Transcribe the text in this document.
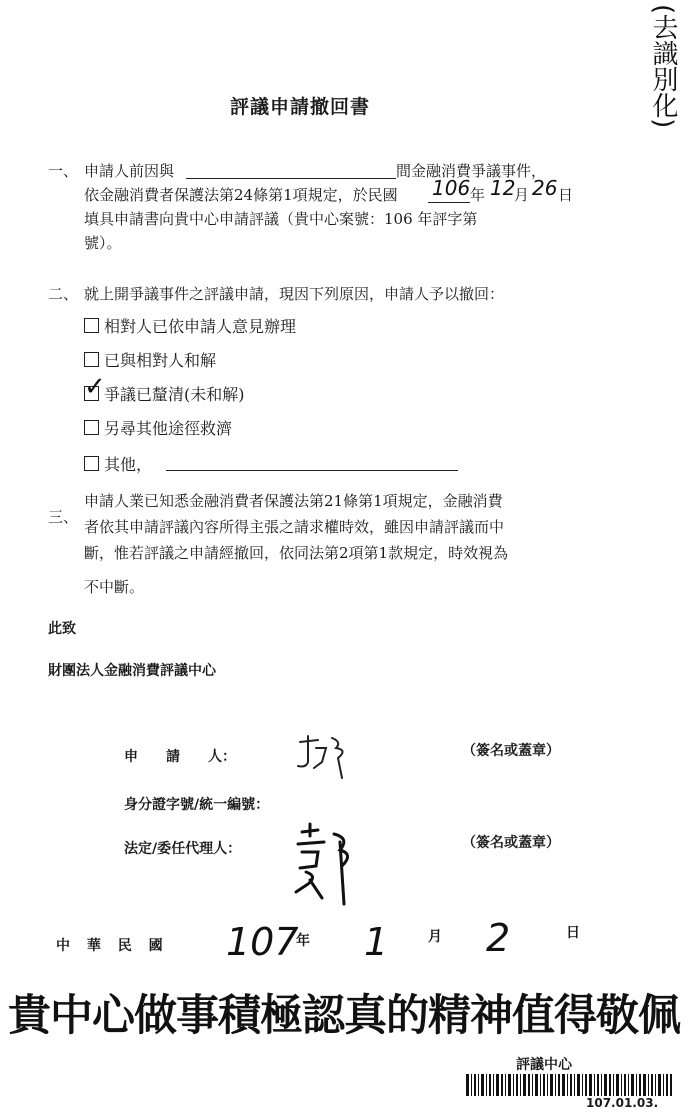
(去識別化)
評議申請撤回書
一、 申請人前因與	間金融消費爭議事件，
依金融消費者保護法第24條第1項規定，於民國 106 年 12
月 26 日
填具申請書向貴中心申請評議（貴中心案號：106 年評字第
號）。
二、 就上開爭議事件之評議申請，現因下列原因，申請人予以撤回：
相對人已依申請人意見辦理
已與相對人和解
✓
爭議已釐清(未和解)
另尋其他途徑救濟
其他，
三、
申請人業已知悉金融消費者保護法第21條第1項規定，金融消費
者依其申請評議內容所得主張之請求權時效，雖因申請評議而中
斷，惟若評議之申請經撤回，依同法第2項第1款規定，時效視為
不中斷。
此致
財團法人金融消費評議中心
申　　請　　人：	（簽名或蓋章）
身分證字號/統一編號：
法定/委任代理人：	（簽名或蓋章）
中 華 民 國 107
年 1	月 2	日
貴中心做事積極認真的精神值得敬佩
評議中心
107.01.03.
